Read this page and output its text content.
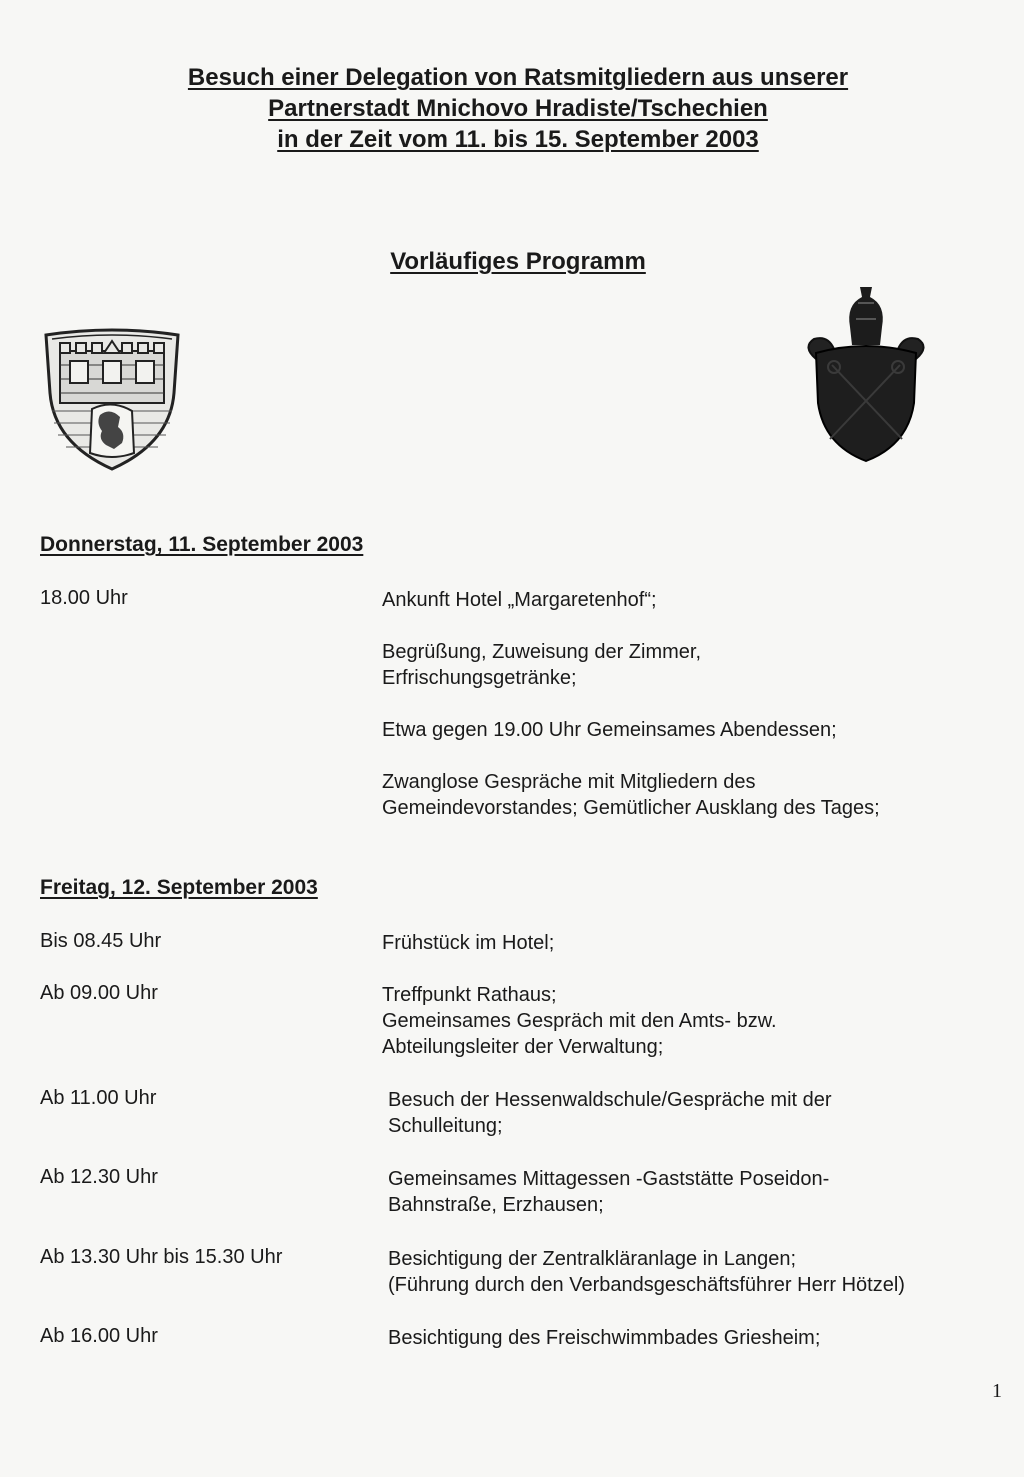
Besuch einer Delegation von Ratsmitgliedern aus unserer
Partnerstadt Mnichovo Hradiste/Tschechien
in der Zeit vom 11. bis 15. September 2003
Vorläufiges Programm
Donnerstag, 11. September 2003
18.00 Uhr	Ankunft Hotel „Margaretenhof“;
Begrüßung, Zuweisung der Zimmer,
Erfrischungsgetränke;
Etwa gegen 19.00 Uhr Gemeinsames Abendessen;
Zwanglose Gespräche mit Mitgliedern des
Gemeindevorstandes; Gemütlicher Ausklang des Tages;
Freitag, 12. September 2003
Bis 08.45 Uhr	Frühstück im Hotel;
Ab 09.00 Uhr	Treffpunkt Rathaus;
Gemeinsames Gespräch mit den Amts- bzw.
Abteilungsleiter der Verwaltung;
Ab 11.00 Uhr	Besuch der Hessenwaldschule/Gespräche mit der
Schulleitung;
Ab 12.30 Uhr	Gemeinsames Mittagessen -Gaststätte Poseidon-
Bahnstraße, Erzhausen;
Ab 13.30 Uhr bis 15.30 Uhr	Besichtigung der Zentralkläranlage in Langen;
(Führung durch den Verbandsgeschäftsführer Herr Hötzel)
Ab 16.00 Uhr	Besichtigung des Freischwimmbades Griesheim;
1
